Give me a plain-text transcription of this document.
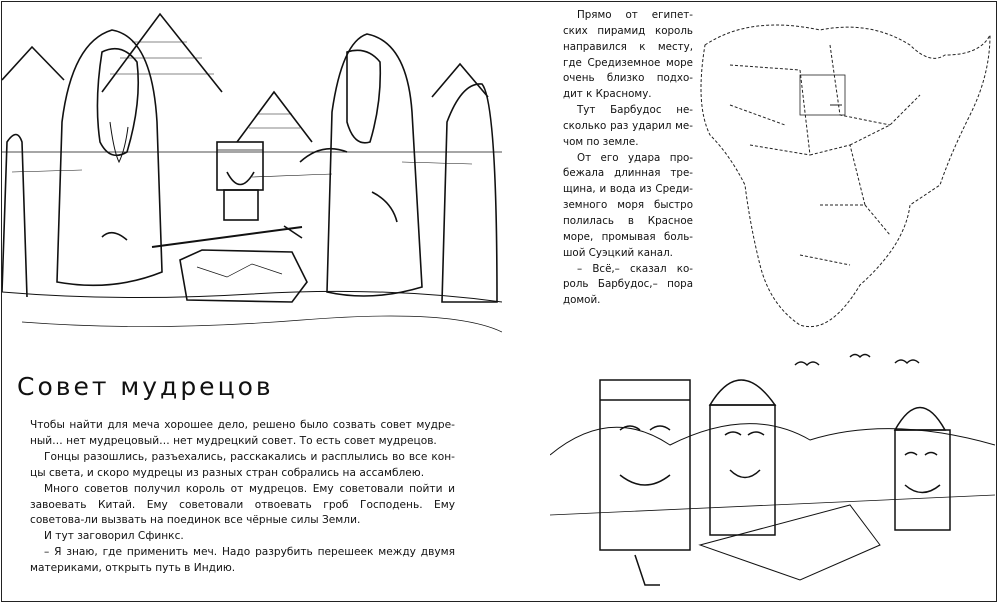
Совет мудрецов

Чтобы найти для меча хорошее дело, решено было созвать совет мудре-ный… нет мудрецовый… нет мудрецкий совет. То есть совет мудрецов.

Гонцы разошлись, разъехались, расскакались и расплылись во все кон-цы света, и скоро мудрецы из разных стран собрались на ассамблею.

Много советов получил король от мудрецов. Ему советовали пойти и завоевать Китай. Ему советовали отвоевать гроб Господень. Ему советова-ли вызвать на поединок все чёрные силы Земли.

И тут заговорил Сфинкс.

– Я знаю, где применить меч. Надо разрубить перешеек между двумя материками, открыть путь в Индию.

Прямо от египет-ских пирамид король направился к месту, где Средиземное море очень близко подхо-дит к Красному.

Тут Барбудос не-сколько раз ударил ме-чом по земле.

От его удара про-бежала длинная тре-щина, и вода из Среди-земного моря быстро полилась в Красное море, промывая боль-шой Суэцкий канал.

– Всё,– сказал ко-роль Барбудос,– пора домой.
